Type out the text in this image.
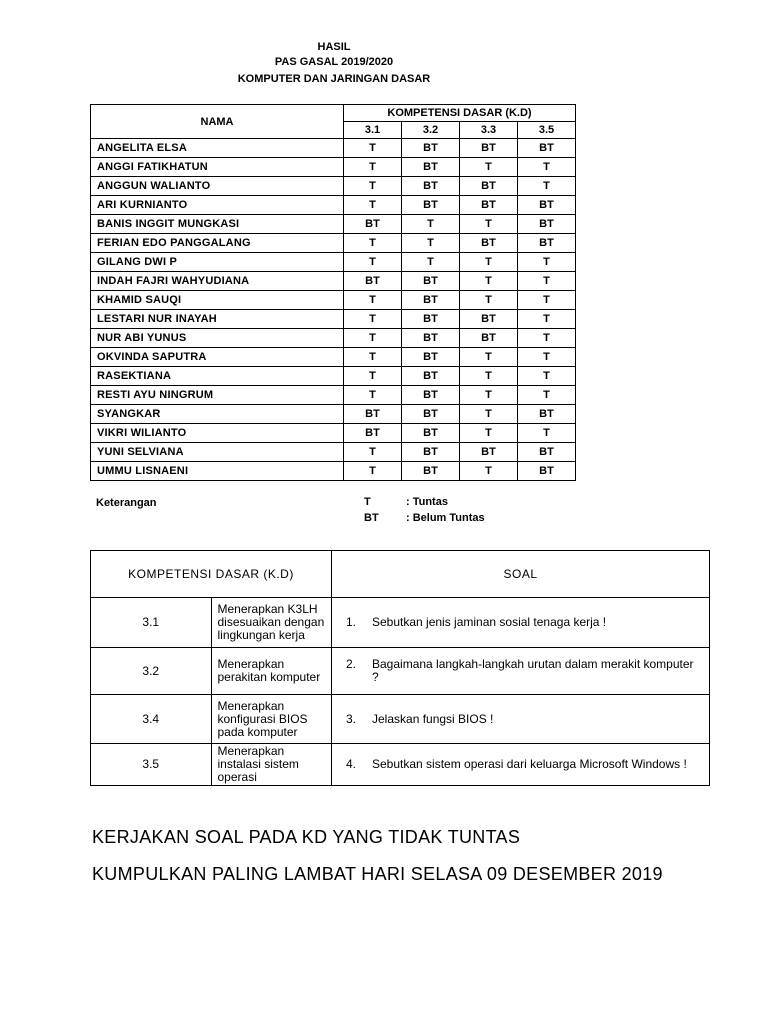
HASIL
PAS GASAL 2019/2020
KOMPUTER DAN JARINGAN DASAR
NAMA	KOMPETENSI DASAR (K.D)			
	3.1	3.2	3.3	3.5
ANGELITA ELSA	T	BT	BT	BT
ANGGI FATIKHATUN	T	BT	T	T
ANGGUN WALIANTO	T	BT	BT	T
ARI KURNIANTO	T	BT	BT	BT
BANIS INGGIT MUNGKASI	BT	T	T	BT
FERIAN EDO PANGGALANG	T	T	BT	BT
GILANG DWI P	T	T	T	T
INDAH FAJRI WAHYUDIANA	BT	BT	T	T
KHAMID SAUQI	T	BT	T	T
LESTARI NUR INAYAH	T	BT	BT	T
NUR ABI YUNUS	T	BT	BT	T
OKVINDA SAPUTRA	T	BT	T	T
RASEKTIANA	T	BT	T	T
RESTI AYU NINGRUM	T	BT	T	T
SYANGKAR	BT	BT	T	BT
VIKRI WILIANTO	BT	BT	T	T
YUNI SELVIANA	T	BT	BT	BT
UMMU LISNAENI	T	BT	T	BT
Keterangan	T	: Tuntas
BT : Belum Tuntas
KOMPETENSI DASAR (K.D)		SOAL
3.1	Menerapkan K3LH disesuaikan dengan lingkungan kerja	1. Sebutkan jenis jaminan sosial tenaga kerja !
3.2	Menerapkan perakitan komputer	2. Bagaimana langkah-langkah urutan dalam merakit komputer ?
3.4	Menerapkan konfigurasi BIOS pada komputer	3. Jelaskan fungsi BIOS !
3.5	Menerapkan instalasi sistem operasi	4. Sebutkan sistem operasi dari keluarga Microsoft Windows !
KERJAKAN SOAL PADA KD YANG TIDAK TUNTAS
KUMPULKAN PALING LAMBAT HARI SELASA 09 DESEMBER 2019
